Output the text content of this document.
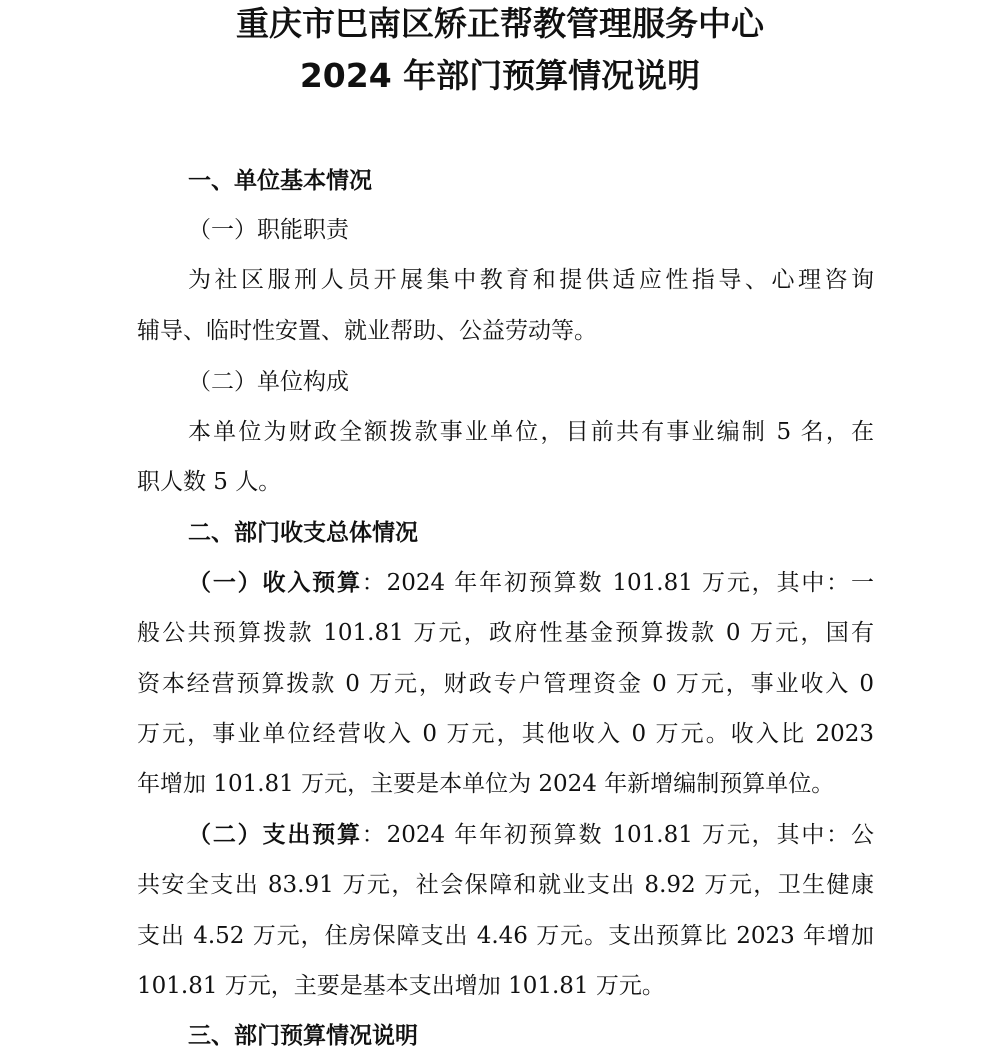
重庆市巴南区矫正帮教管理服务中心
2024 年部门预算情况说明
一、单位基本情况
（一）职能职责
为社区服刑人员开展集中教育和提供适应性指导、心理咨询
辅导、临时性安置、就业帮助、公益劳动等。
（二）单位构成
本单位为财政全额拨款事业单位，目前共有事业编制 5 名，在
职人数 5 人。
二、部门收支总体情况
（一）收入预算：2024 年年初预算数 101.81 万元，其中：一
般公共预算拨款 101.81 万元，政府性基金预算拨款 0 万元，国有
资本经营预算拨款 0 万元，财政专户管理资金 0 万元，事业收入 0
万元，事业单位经营收入 0 万元，其他收入 0 万元。收入比 2023
年增加 101.81 万元，主要是本单位为 2024 年新增编制预算单位。
（二）支出预算：2024 年年初预算数 101.81 万元，其中：公
共安全支出 83.91 万元，社会保障和就业支出 8.92 万元，卫生健康
支出 4.52 万元，住房保障支出 4.46 万元。支出预算比 2023 年增加
101.81 万元，主要是基本支出增加 101.81 万元。
三、部门预算情况说明
